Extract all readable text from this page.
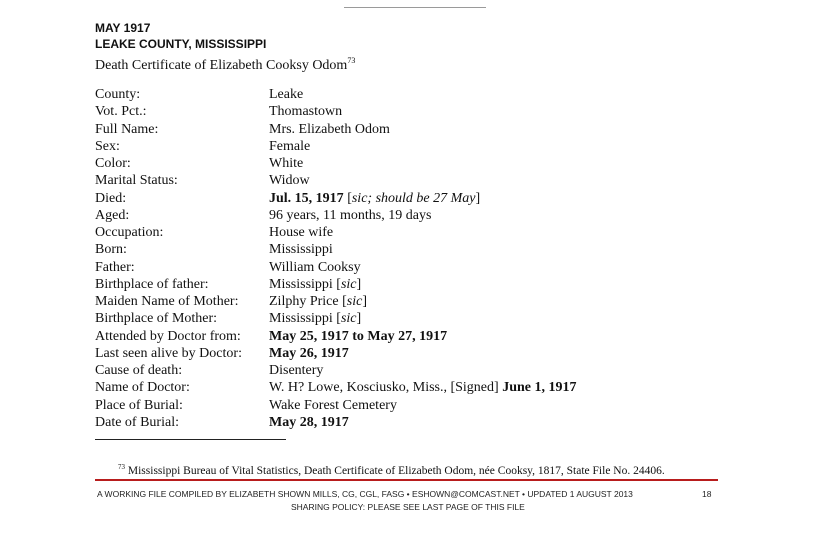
MAY 1917
LEAKE COUNTY, MISSISSIPPI
Death Certificate of Elizabeth Cooksy Odom$^{73}$
County:	Leake
Vot. Pct.:	Thomastown
Full Name:	Mrs. Elizabeth Odom
Sex:	Female
Color:	White
Marital Status:	Widow
Died:	Jul. 15, 1917 [sic; should be 27 May]
Aged:	96 years, 11 months, 19 days
Occupation:	House wife
Born:	Mississippi
Father:	William Cooksy
Birthplace of father:	Mississippi [sic]
Maiden Name of Mother:	Zilphy Price [sic]
Birthplace of Mother:	Mississippi [sic]
Attended by Doctor from:	May 25, 1917 to May 27, 1917
Last seen alive by Doctor:	May 26, 1917
Cause of death:	Disentery
Name of Doctor:	W. H? Lowe, Kosciusko, Miss., [Signed] June 1, 1917
Place of Burial:	Wake Forest Cemetery
Date of Burial:	May 28, 1917
$^{73}$ Mississippi Bureau of Vital Statistics, Death Certificate of Elizabeth Odom, née Cooksy, 1817, State File No. 24406.
A WORKING FILE COMPILED BY ELIZABETH SHOWN MILLS, CG, CGL, FASG • ESHOWN@COMCAST.NET • UPDATED 1 AUGUST 2013	18
SHARING POLICY: PLEASE SEE LAST PAGE OF THIS FILE
